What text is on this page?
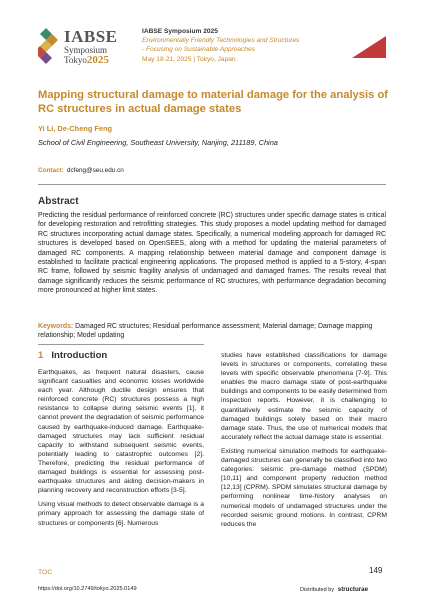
IABSE
Symposium
Tokyo2025
IABSE Symposium 2025
Environmentally Friendly Technologies and Structures
- Focusing on Sustainable Approaches
May 18-21, 2025 | Tokyo, Japan
Mapping structural damage to material damage for the analysis of RC structures in actual damage states
Yi Li, De-Cheng Feng
School of Civil Engineering, Southeast University, Nanjing, 211189, China
Contact: dcfeng@seu.edu.cn
Abstract

Predicting the residual performance of reinforced concrete (RC) structures under specific damage states is critical for developing restoration and retrofitting strategies. This study proposes a model updating method for damaged RC structures incorporating actual damage states. Specifically, a numerical modeling approach for damaged RC structures is developed based on OpenSEES, along with a method for updating the material parameters of damaged RC components. A mapping relationship between material damage and component damage is established to facilitate practical engineering applications. The proposed method is applied to a 5-story, 4-span RC frame, followed by seismic fragility analysis of undamaged and damaged frames. The results reveal that damage significantly reduces the seismic performance of RC structures, with performance degradation becoming more pronounced at higher limit states.

Keywords: Damaged RC structures; Residual performance assessment; Material damage; Damage mapping relationship; Model updating

1 Introduction

Earthquakes, as frequent natural disasters, cause significant casualties and economic losses worldwide each year. Although ductile design ensures that reinforced concrete (RC) structures possess a high resistance to collapse during seismic events [1], it cannot prevent the degradation of seismic performance caused by earthquake-induced damage. Earthquake-damaged structures may lack sufficient residual capacity to withstand subsequent seismic events, potentially leading to catastrophic outcomes [2]. Therefore, predicting the residual performance of damaged buildings is essential for assessing post-earthquake structures and aiding decision-makers in planning recovery and reconstruction efforts [3-5].

Using visual methods to detect observable damage is a primary approach for assessing the damage state of structures or components [6]. Numerous

studies have established classifications for damage levels in structures or components, correlating these levels with specific observable phenomena [7-9]. This enables the macro damage state of post-earthquake buildings and components to be easily determined from inspection reports. However, it is challenging to quantitatively estimate the seismic capacity of damaged buildings solely based on their macro damage state. Thus, the use of numerical models that accurately reflect the actual damage state is essential.

Existing numerical simulation methods for earthquake-damaged structures can generally be classified into two categories: seismic pre-damage method (SPDM) [10,11] and component property reduction method [12,13] (CPRM). SPDM simulates structural damage by performing nonlinear time-history analyses on numerical models of undamaged structures under the recorded seismic ground motions. In contrast, CPRM reduces the

TOC	149
https://doi.org/10.2749/tokyo.2025.0149	Distributed by structurae
